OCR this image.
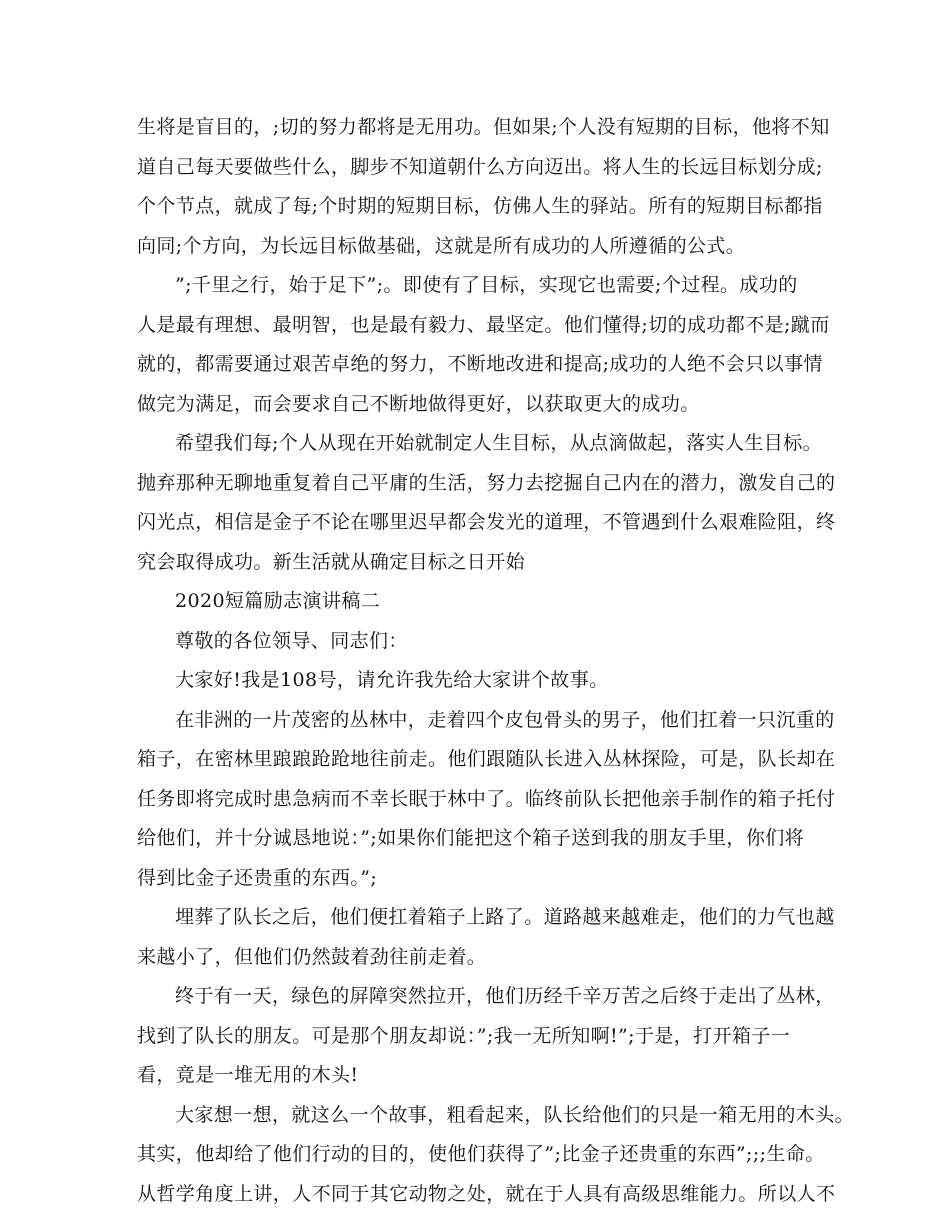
生将是盲目的，;切的努力都将是无用功。但如果;个人没有短期的目标，他将不知
道自己每天要做些什么，脚步不知道朝什么方向迈出。将人生的长远目标划分成;
个个节点，就成了每;个时期的短期目标，仿佛人生的驿站。所有的短期目标都指
向同;个方向，为长远目标做基础，这就是所有成功的人所遵循的公式。
”;千里之行，始于足下”;。即使有了目标，实现它也需要;个过程。成功的
人是最有理想、最明智，也是最有毅力、最坚定。他们懂得;切的成功都不是;蹴而
就的，都需要通过艰苦卓绝的努力，不断地改进和提高;成功的人绝不会只以事情
做完为满足，而会要求自己不断地做得更好，以获取更大的成功。
希望我们每;个人从现在开始就制定人生目标，从点滴做起，落实人生目标。
抛弃那种无聊地重复着自己平庸的生活，努力去挖掘自己内在的潜力，激发自己的
闪光点，相信是金子不论在哪里迟早都会发光的道理，不管遇到什么艰难险阻，终
究会取得成功。新生活就从确定目标之日开始
2020短篇励志演讲稿二
尊敬的各位领导、同志们：
大家好!我是108号，请允许我先给大家讲个故事。
在非洲的一片茂密的丛林中，走着四个皮包骨头的男子，他们扛着一只沉重的
箱子，在密林里踉踉跄跄地往前走。他们跟随队长进入丛林探险，可是，队长却在
任务即将完成时患急病而不幸长眠于林中了。临终前队长把他亲手制作的箱子托付
给他们，并十分诚恳地说：”;如果你们能把这个箱子送到我的朋友手里，你们将
得到比金子还贵重的东西。”;
埋葬了队长之后，他们便扛着箱子上路了。道路越来越难走，他们的力气也越
来越小了，但他们仍然鼓着劲往前走着。
终于有一天，绿色的屏障突然拉开，他们历经千辛万苦之后终于走出了丛林，
找到了队长的朋友。可是那个朋友却说：”;我一无所知啊!”;于是，打开箱子一
看，竟是一堆无用的木头!
大家想一想，就这么一个故事，粗看起来，队长给他们的只是一箱无用的木头。
其实，他却给了他们行动的目的，使他们获得了”;比金子还贵重的东西”;;;生命。
从哲学角度上讲，人不同于其它动物之处，就在于人具有高级思维能力。所以人不
